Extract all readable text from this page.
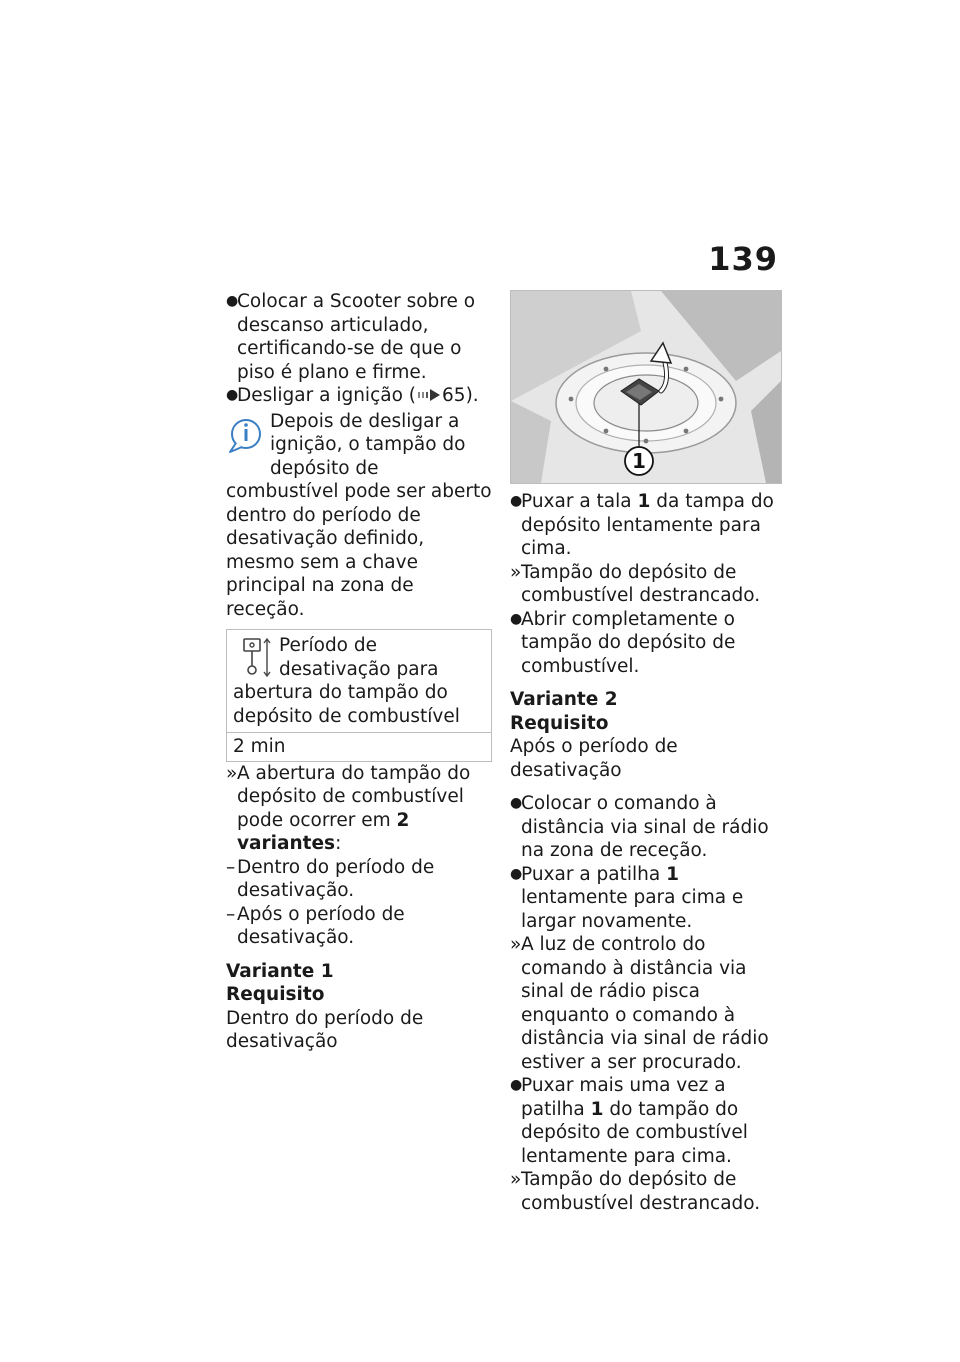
139
●
Colocar a Scooter sobre o descanso articulado, certificando-se de que o piso é plano e firme.
●
Desligar a ignição ( 65).
Depois de desligar a ignição, o tampão do depósito de combustível pode ser aberto dentro do período de desativação definido, mesmo sem a chave principal na zona de receção.
Período de desativação para abertura do tampão do depósito de combustível
2 min
» A abertura do tampão do depósito de combustível pode ocorrer em 2 variantes:
– Dentro do período de desativação.
– Após o período de desativação.
Variante 1
Requisito
Dentro do período de desativação
1
●
Puxar a tala 1 da tampa do depósito lentamente para cima.
» Tampão do depósito de combustível destrancado.
●
Abrir completamente o tampão do depósito de combustível.
Variante 2
Requisito
Após o período de desativação
●
Colocar o comando à distância via sinal de rádio na zona de receção.
●
Puxar a patilha 1 lentamente para cima e largar novamente.
» A luz de controlo do comando à distância via sinal de rádio pisca enquanto o comando à distância via sinal de rádio estiver a ser procurado.
●
Puxar mais uma vez a patilha 1 do tampão do depósito de combustível lentamente para cima.
» Tampão do depósito de combustível destrancado.
